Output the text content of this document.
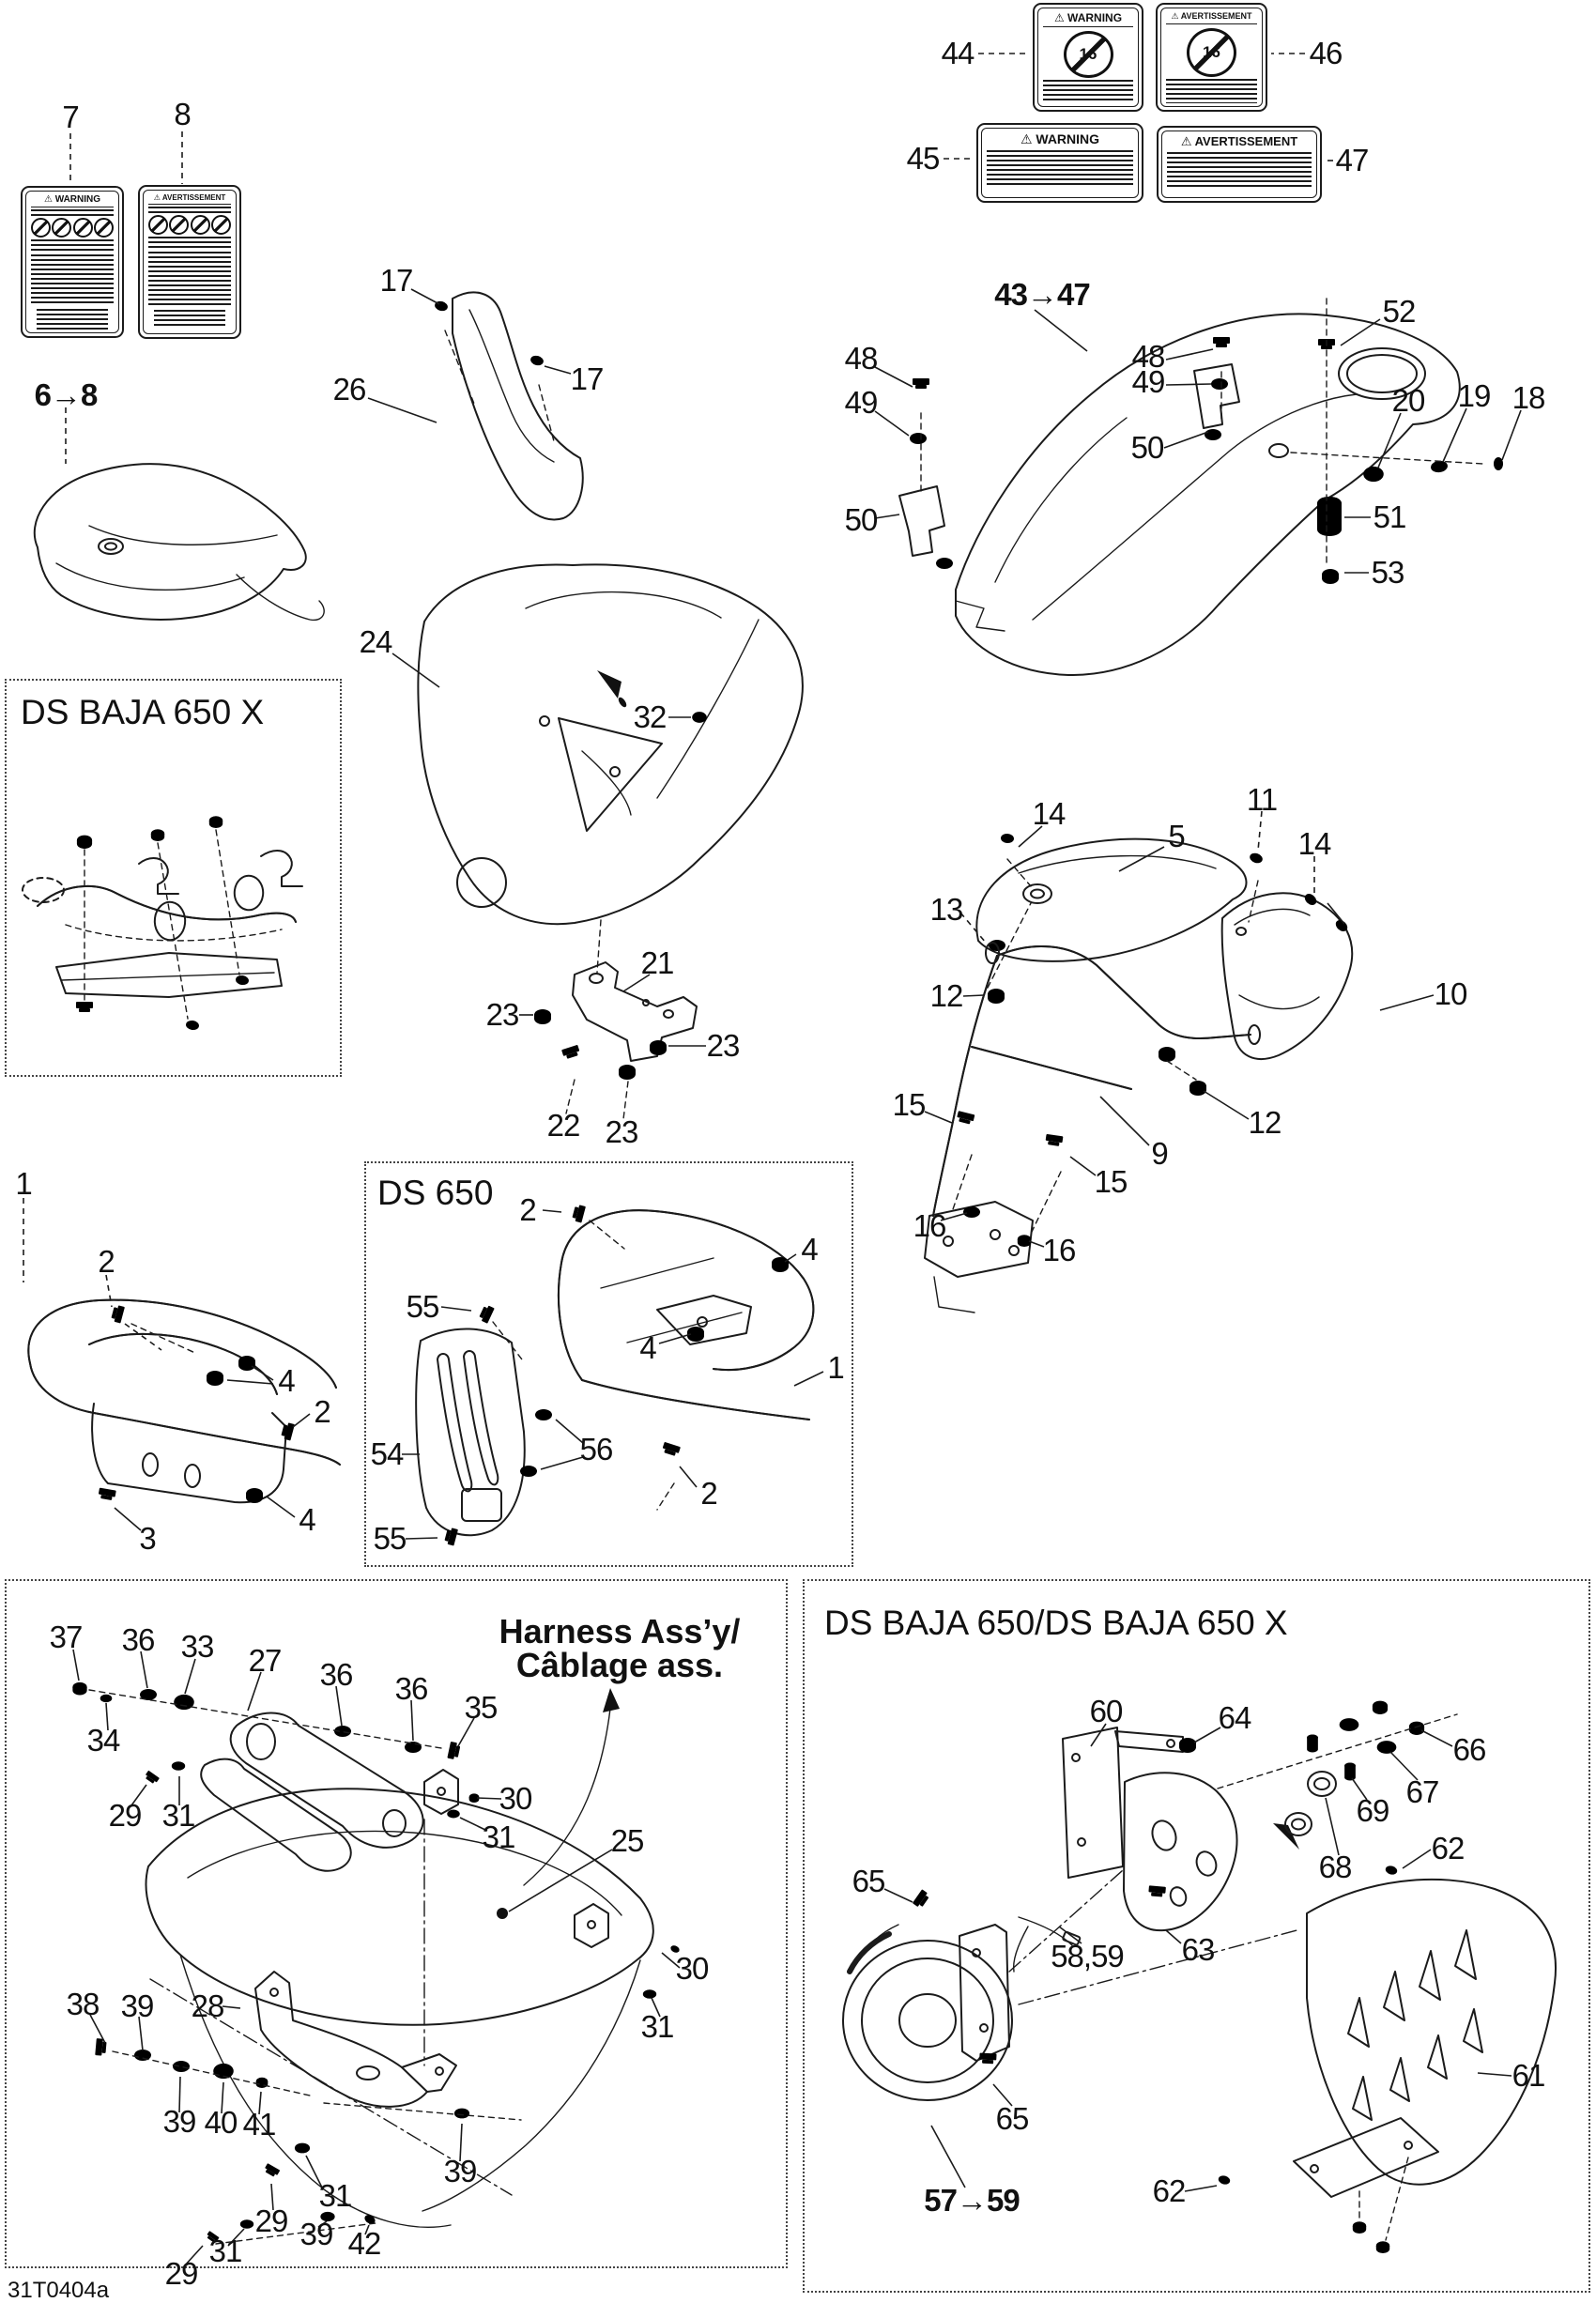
DS BAJA 650 X
DS 650
DS BAJA 650/DS BAJA 650 X
Harness Ass’y/
Câblage ass.
⚠ WARNING	⚠ AVERTISSEMENT
⚠ WARNING
16
⚠ AVERTISSEMENT
16
⚠ WARNING	⚠ AVERTISSEMENT
7	8
6→8
17
26	17
44	46
45	47
43→47
48
49
50
52
20 19 18
51
53
48
49
50
24
32
21
23
23
22 23
14
5
11
14
13
12	10
15
9
15
12
16
16
1
2
4
2
3
4
2
4
55
4
1
54	56
55
2
37 36 33 27 36 36
35
34
29 31	30
31	25
38 39 28
30
31
39 40 41
31
29
39
39 42
31
29
60	64
66
67
69
68
62
65
58,59 63
65
57→59
61
62
31T0404a
